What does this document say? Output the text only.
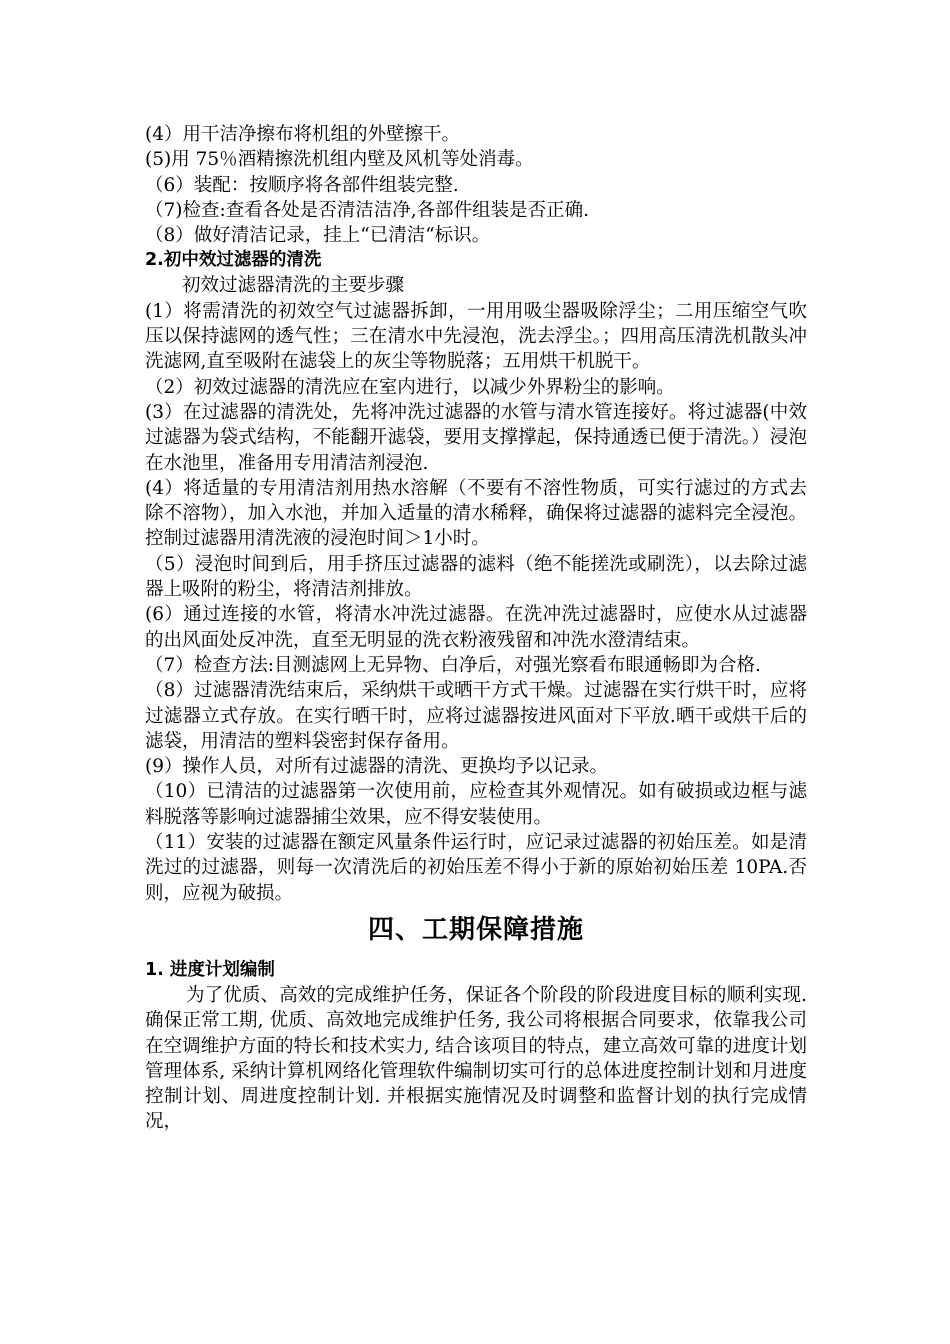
(4）用干洁净擦布将机组的外壁擦干。

(5)用 75％酒精擦洗机组内壁及风机等处消毒。

（6）装配：按顺序将各部件组装完整.

（7)检查:查看各处是否清洁洁净,各部件组装是否正确.

（8）做好清洁记录，挂上“已清洁“标识。

2.初中效过滤器的清洗

初效过滤器清洗的主要步骤

(1）将需清洗的初效空气过滤器拆卸，一用用吸尘器吸除浮尘；二用压缩空气吹压以保持滤网的透气性；三在清水中先浸泡，洗去浮尘。；四用高压清洗机散头冲洗滤网,直至吸附在滤袋上的灰尘等物脱落；五用烘干机脱干。

（2）初效过滤器的清洗应在室内进行，以减少外界粉尘的影响。

(3）在过滤器的清洗处，先将冲洗过滤器的水管与清水管连接好。将过滤器(中效过滤器为袋式结构，不能翻开滤袋，要用支撑撑起，保持通透已便于清洗。）浸泡在水池里，准备用专用清洁剂浸泡.

(4）将适量的专用清洁剂用热水溶解（不要有不溶性物质，可实行滤过的方式去除不溶物），加入水池，并加入适量的清水稀释，确保将过滤器的滤料完全浸泡。控制过滤器用清洗液的浸泡时间＞1小时。

（5）浸泡时间到后，用手挤压过滤器的滤料（绝不能搓洗或刷洗），以去除过滤器上吸附的粉尘，将清洁剂排放。

(6）通过连接的水管，将清水冲洗过滤器。在洗冲洗过滤器时，应使水从过滤器的出风面处反冲洗，直至无明显的洗衣粉液残留和冲洗水澄清结束。

（7）检查方法:目测滤网上无异物、白净后，对强光察看布眼通畅即为合格.

（8）过滤器清洗结束后，采纳烘干或晒干方式干燥。过滤器在实行烘干时，应将过滤器立式存放。在实行晒干时，应将过滤器按进风面对下平放.晒干或烘干后的滤袋，用清洁的塑料袋密封保存备用。

(9）操作人员，对所有过滤器的清洗、更换均予以记录。

（10）已清洁的过滤器第一次使用前，应检查其外观情况。如有破损或边框与滤料脱落等影响过滤器捕尘效果，应不得安装使用。

（11）安装的过滤器在额定风量条件运行时，应记录过滤器的初始压差。如是清洗过的过滤器，则每一次清洗后的初始压差不得小于新的原始初始压差 10PA.否则，应视为破损。

四、工期保障措施

1. 进度计划编制

为了优质、高效的完成维护任务，保证各个阶段的阶段进度目标的顺利实现. 确保正常工期, 优质、高效地完成维护任务, 我公司将根据合同要求，依靠我公司在空调维护方面的特长和技术实力, 结合该项目的特点，建立高效可靠的进度计划管理体系, 采纳计算机网络化管理软件编制切实可行的总体进度控制计划和月进度控制计划、周进度控制计划. 并根据实施情况及时调整和监督计划的执行完成情况，
